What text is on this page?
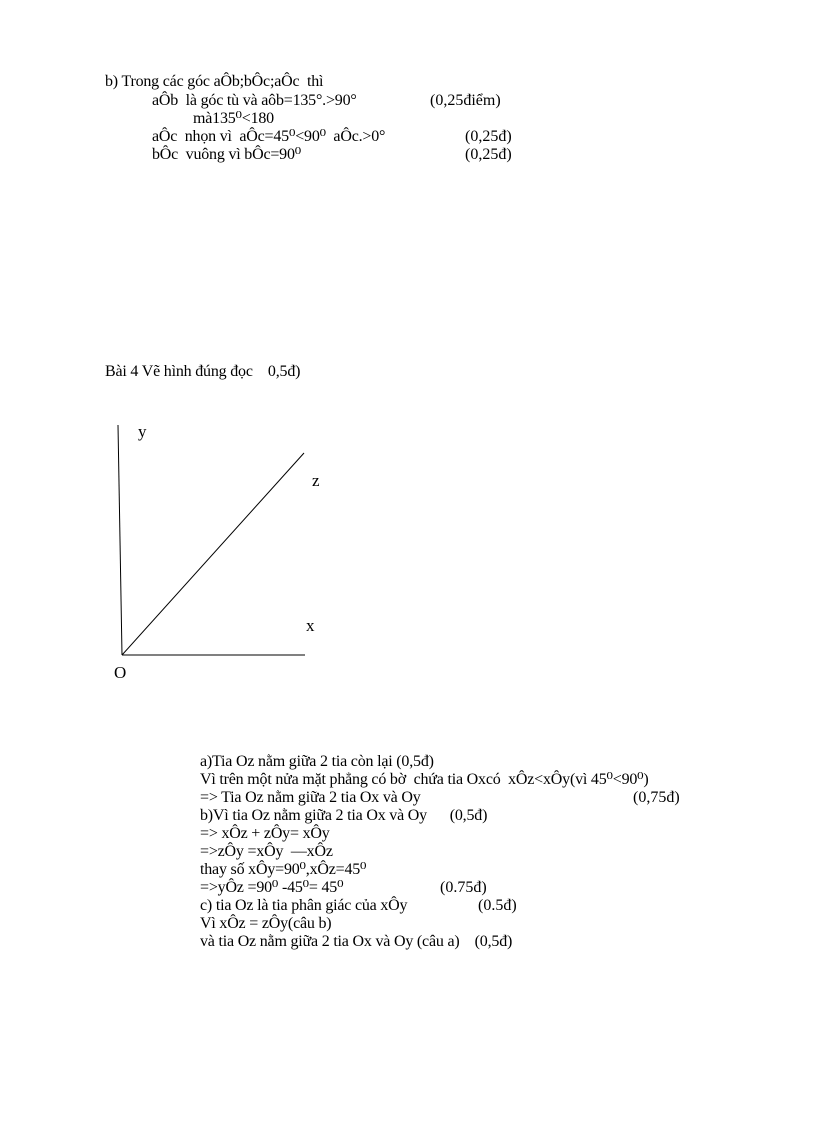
b) Trong các góc aÔb;bÔc;aÔc  thì
aÔb  là góc tù và aôb=135°.>90°	(0,25điểm)
mà135⁰<180
aÔc  nhọn vì  aÔc=45⁰<90⁰  aÔc.>0°	(0,25đ)
bÔc  vuông vì bÔc=90⁰	(0,25đ)
Bài 4 Vẽ hình đúng đọc    0,5đ)
y
z
x
O
a)Tia Oz nằm giữa 2 tia còn lại (0,5đ)
Vì trên một nửa mặt phẳng có bờ  chứa tia Oxcó  xÔz<xÔy(vì 45⁰<90⁰)
=> Tia Oz nằm giữa 2 tia Ox và Oy	(0,75đ)
b)Vì tia Oz nằm giữa 2 tia Ox và Oy      (0,5đ)
=> xÔz + zÔy= xÔy
=>zÔy =xÔy  —xÔz
thay số xÔy=90⁰,xÔz=45⁰
=>yÔz =90⁰ -45⁰= 45⁰	(0.75đ)
c) tia Oz là tia phân giác của xÔy	(0.5đ)
Vì xÔz = zÔy(câu b)
và tia Oz nằm giữa 2 tia Ox và Oy (câu a)    (0,5đ)
